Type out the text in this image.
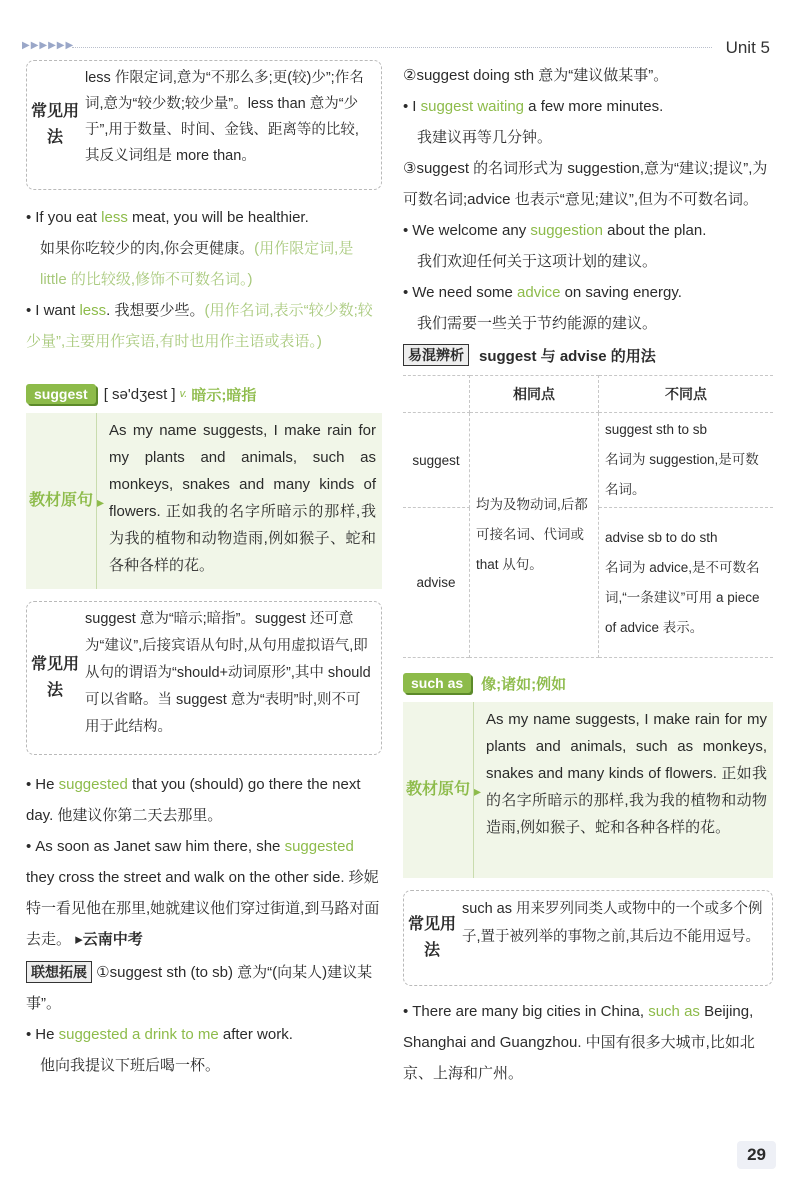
▶▶▶▶▶▶	Unit 5
常见用法
less 作限定词,意为“不那么多;更(较)少”;作名词,意为“较少数;较少量”。less than 意为“少于”,用于数量、时间、金钱、距离等的比较,其反义词组是 more than。

• If you eat less meat, you will be healthier.

如果你吃较少的肉,你会更健康。(用作限定词,是 little 的比较级,修饰不可数名词。)

• I want less. 我想要少些。(用作名词,表示“较少数;较少量”,主要用作宾语,有时也用作主语或表语。)

suggest	[ sə'dʒest ] v. 暗示;暗指
教材原句 ▸
As my name suggests, I make rain for my plants and animals, such as monkeys, snakes and many kinds of flowers. 正如我的名字所暗示的那样,我为我的植物和动物造雨,例如猴子、蛇和各种各样的花。
常见用法
suggest 意为“暗示;暗指”。suggest 还可意为“建议”,后接宾语从句时,从句用虚拟语气,即从句的谓语为“should+动词原形”,其中 should 可以省略。当 suggest 意为“表明”时,则不可用于此结构。

• He suggested that you (should) go there the next day. 他建议你第二天去那里。

• As soon as Janet saw him there, she suggested they cross the street and walk on the other side. 珍妮特一看见他在那里,她就建议他们穿过街道,到马路对面去走。 ▸云南中考

联想拓展 ①suggest sth (to sb) 意为“(向某人)建议某事”。

• He suggested a drink to me after work.

他向我提议下班后喝一杯。

②suggest doing sth 意为“建议做某事”。

• I suggest waiting a few more minutes.

我建议再等几分钟。

③suggest 的名词形式为 suggestion,意为“建议;提议”,为可数名词;advice 也表示“意见;建议”,但为不可数名词。

• We welcome any suggestion about the plan.

我们欢迎任何关于这项计划的建议。

• We need some advice on saving energy.

我们需要一些关于节约能源的建议。

易混辨析	suggest 与 advise 的用法
	相同点	不同点
suggest	均为及物动词,后都可接名词、代词或 that 从句。	suggest sth to sb
名词为 suggestion,是可数名词。

advise		advise sb to do sth
名词为 advice,是不可数名词,“一条建议”可用 a piece of advice 表示。
such as	像;诸如;例如
教材原句 ▸
As my name suggests, I make rain for my plants and animals, such as monkeys, snakes and many kinds of flowers. 正如我的名字所暗示的那样,我为我的植物和动物造雨,例如猴子、蛇和各种各样的花。
常见用法
such as 用来罗列同类人或物中的一个或多个例子,置于被列举的事物之前,其后边不能用逗号。

• There are many big cities in China, such as Beijing, Shanghai and Guangzhou. 中国有很多大城市,比如北京、上海和广州。

29
